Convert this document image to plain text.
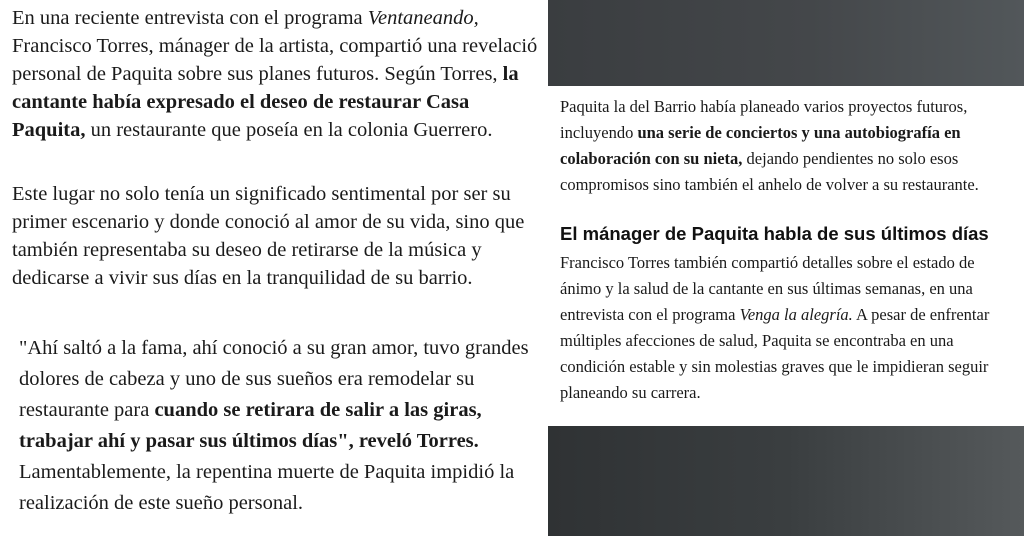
En una reciente entrevista con el programa Ventaneando,
Francisco Torres, mánager de la artista, compartió una revelació
personal de Paquita sobre sus planes futuros. Según Torres, la
cantante había expresado el deseo de restaurar Casa
Paquita, un restaurante que poseía en la colonia Guerrero.

Este lugar no solo tenía un significado sentimental por ser su
primer escenario y donde conoció al amor de su vida, sino que
también representaba su deseo de retirarse de la música y
dedicarse a vivir sus días en la tranquilidad de su barrio.

"Ahí saltó a la fama, ahí conoció a su gran amor, tuvo grandes
dolores de cabeza y uno de sus sueños era remodelar su
restaurante para cuando se retirara de salir a las giras,
trabajar ahí y pasar sus últimos días", reveló Torres.
Lamentablemente, la repentina muerte de Paquita impidió la
realización de este sueño personal.
Paquita la del Barrio había planeado varios proyectos futuros,
incluyendo una serie de conciertos y una autobiografía en
colaboración con su nieta, dejando pendientes no solo esos
compromisos sino también el anhelo de volver a su restaurante.
El mánager de Paquita habla de sus últimos días
Francisco Torres también compartió detalles sobre el estado de
ánimo y la salud de la cantante en sus últimas semanas, en una
entrevista con el programa Venga la alegría. A pesar de enfrentar
múltiples afecciones de salud, Paquita se encontraba en una
condición estable y sin molestias graves que le impidieran seguir
planeando su carrera.
